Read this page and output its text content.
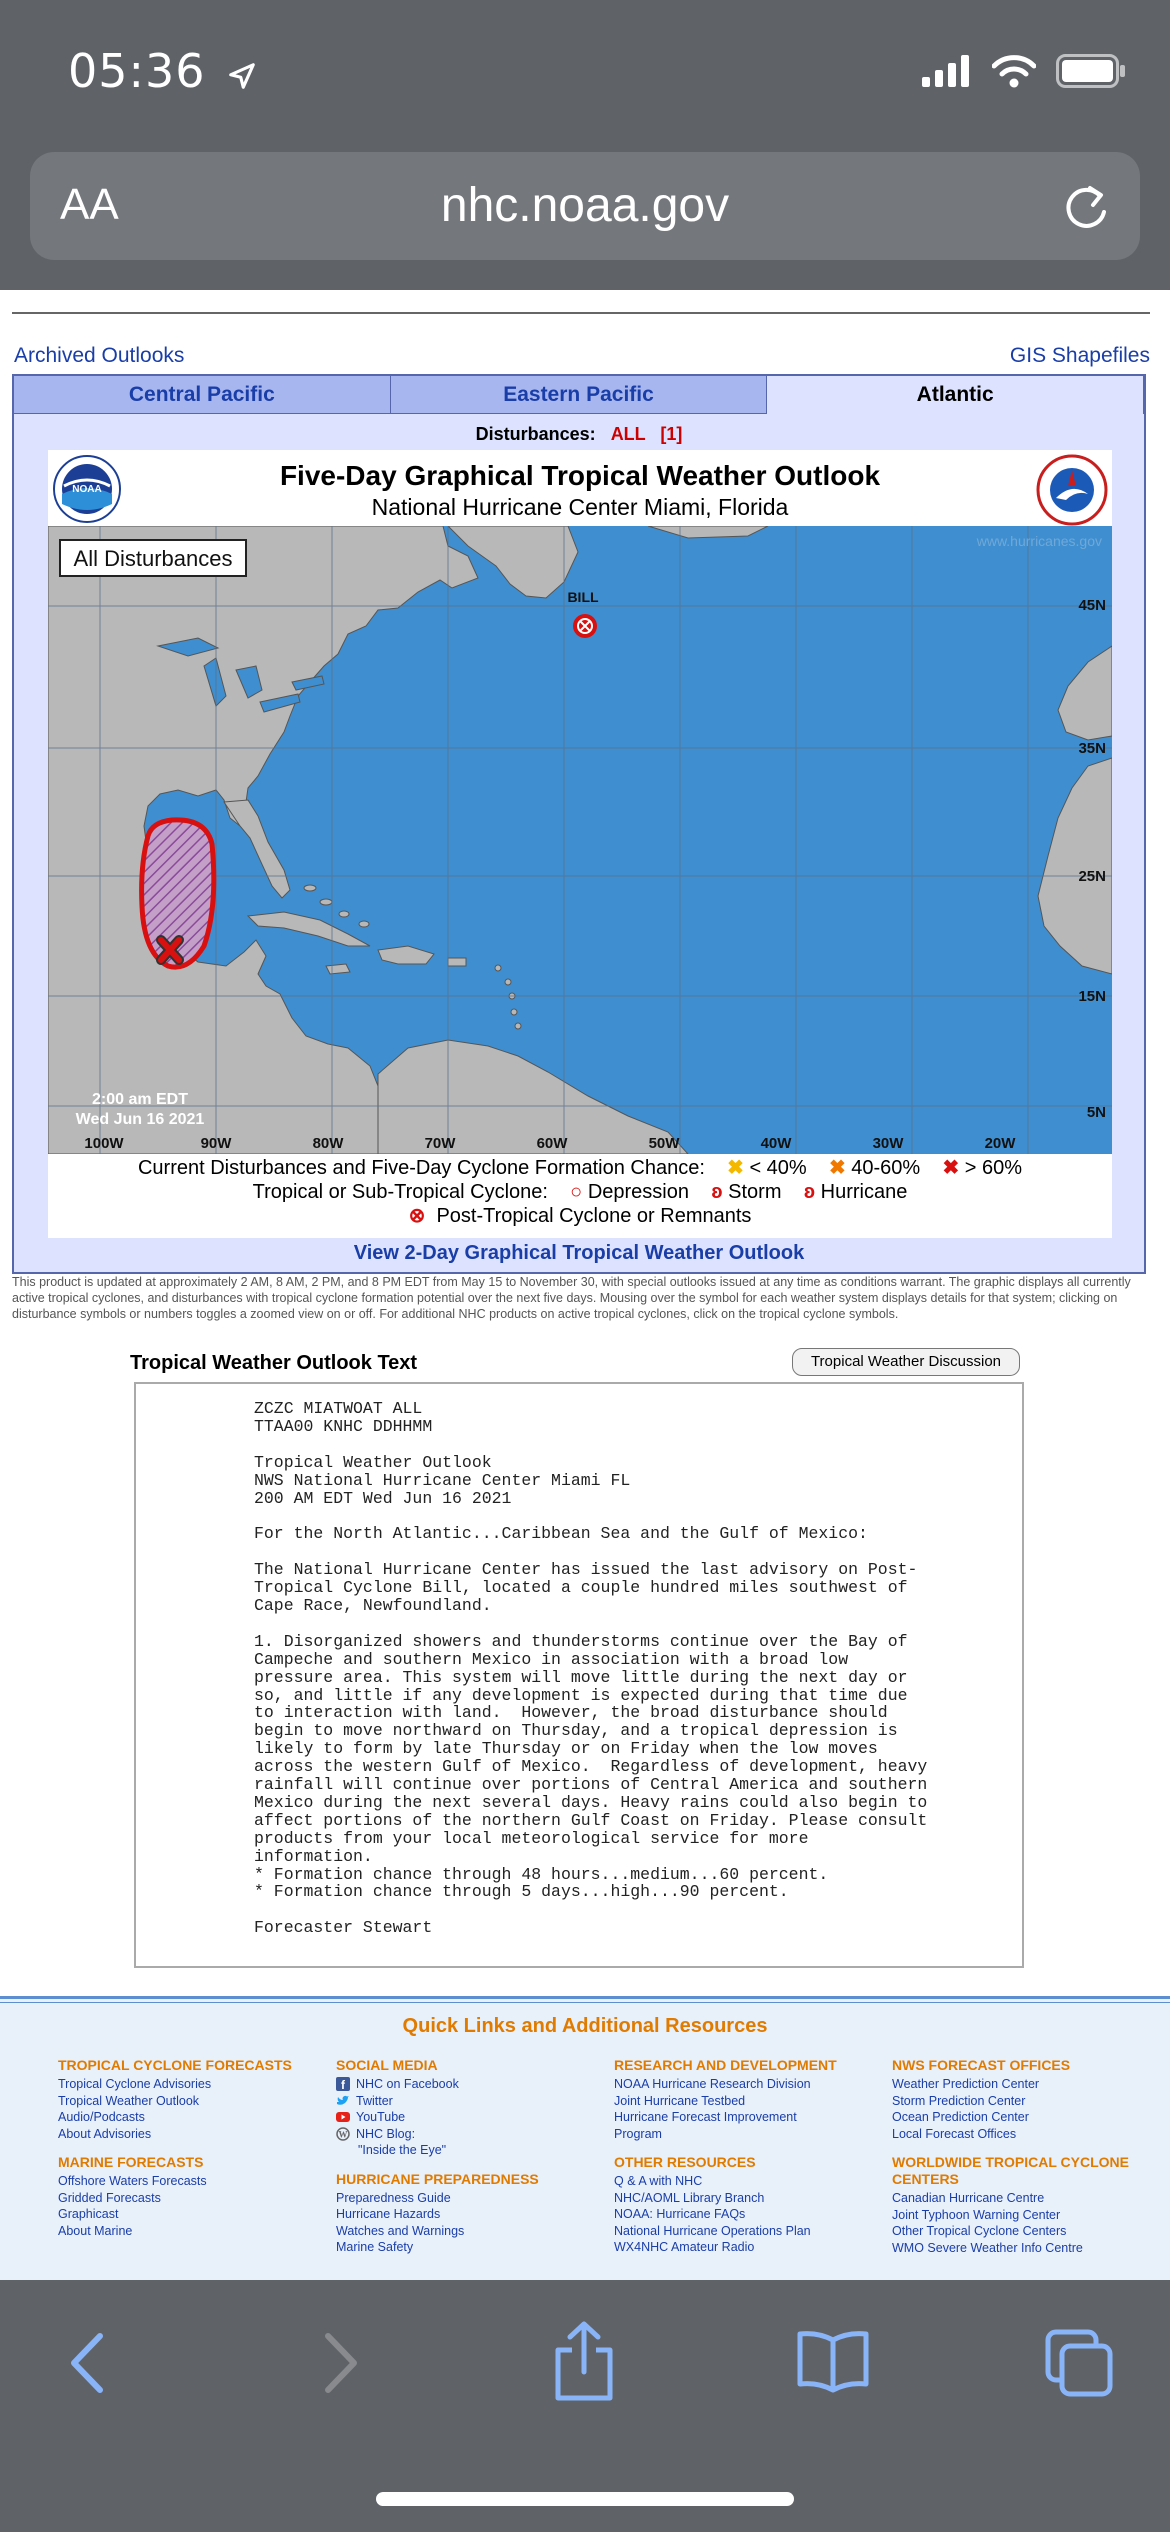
05:36
AA	nhc.noaa.gov
Archived Outlooks	GIS Shapefiles
Central Pacific	Eastern Pacific	Atlantic
Disturbances: ALL [1]
NOAA	Five-Day Graphical Tropical Weather Outlook
National Hurricane Center Miami, Florida
BILL
www.hurricanes.gov
45N
35N
25N
15N
5N
100W	90W	80W	70W	60W	50W	40W	30W	20W
2:00 am EDT
Wed Jun 16 2021
All Disturbances
Current Disturbances and Five-Day Cyclone Formation Chance: ✖ < 40% ✖ 40-60% ✖ > 60%
Tropical or Sub-Tropical Cyclone: ○ Depression ʚ Storm ʚ Hurricane
⊗ Post-Tropical Cyclone or Remnants
View 2-Day Graphical Tropical Weather Outlook
This product is updated at approximately 2 AM, 8 AM, 2 PM, and 8 PM EDT from May 15 to November 30, with special outlooks issued at any time as conditions warrant. The graphic displays all currently active tropical cyclones, and disturbances with tropical cyclone formation potential over the next five days. Mousing over the symbol for each weather system displays details for that system; clicking on disturbance symbols or numbers toggles a zoomed view on or off. For additional NHC products on active tropical cyclones, click on the tropical cyclone symbols.
Tropical Weather Outlook Text	Tropical Weather Discussion
ZCZC MIATWOAT ALL
TTAA00 KNHC DDHHMM

Tropical Weather Outlook
NWS National Hurricane Center Miami FL
200 AM EDT Wed Jun 16 2021

For the North Atlantic...Caribbean Sea and the Gulf of Mexico:

The National Hurricane Center has issued the last advisory on Post-
Tropical Cyclone Bill, located a couple hundred miles southwest of
Cape Race, Newfoundland.

1. Disorganized showers and thunderstorms continue over the Bay of
Campeche and southern Mexico in association with a broad low
pressure area. This system will move little during the next day or
so, and little if any development is expected during that time due
to interaction with land.  However, the broad disturbance should
begin to move northward on Thursday, and a tropical depression is
likely to form by late Thursday or on Friday when the low moves
across the western Gulf of Mexico.  Regardless of development, heavy
rainfall will continue over portions of Central America and southern
Mexico during the next several days. Heavy rains could also begin to
affect portions of the northern Gulf Coast on Friday. Please consult
products from your local meteorological service for more
information.
* Formation chance through 48 hours...medium...60 percent.
* Formation chance through 5 days...high...90 percent.

Forecaster Stewart
Quick Links and Additional Resources
TROPICAL CYCLONE FORECASTS
Tropical Cyclone Advisories
Tropical Weather Outlook
Audio/Podcasts
About Advisories
MARINE FORECASTS
Offshore Waters Forecasts
Gridded Forecasts
Graphicast
About Marine
SOCIAL MEDIA
f NHC on Facebook
Twitter
YouTube
W NHC Blog:
"Inside the Eye"
HURRICANE PREPAREDNESS
Preparedness Guide
Hurricane Hazards
Watches and Warnings
Marine Safety
RESEARCH AND DEVELOPMENT
NOAA Hurricane Research Division
Joint Hurricane Testbed
Hurricane Forecast Improvement
Program
OTHER RESOURCES
Q & A with NHC
NHC/AOML Library Branch
NOAA: Hurricane FAQs
National Hurricane Operations Plan
WX4NHC Amateur Radio
NWS FORECAST OFFICES
Weather Prediction Center
Storm Prediction Center
Ocean Prediction Center
Local Forecast Offices
WORLDWIDE TROPICAL CYCLONE CENTERS
Canadian Hurricane Centre
Joint Typhoon Warning Center
Other Tropical Cyclone Centers
WMO Severe Weather Info Centre
